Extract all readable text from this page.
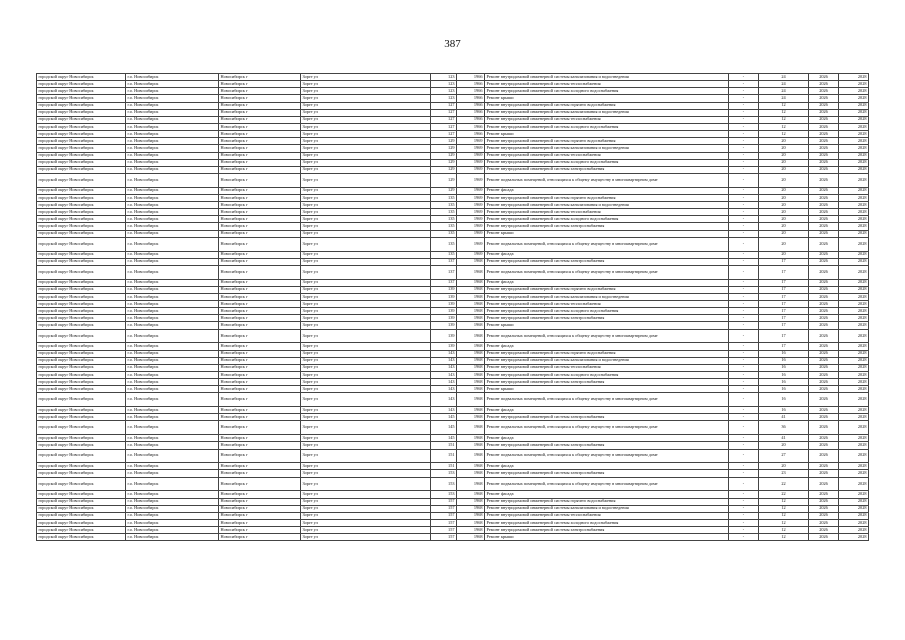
387
городской округ Новосибирск	г.о. Новосибирск	Новосибирск г	Зорге ул	123	1966	Ремонт внутридомовой инженерной системы канализования и водоотведения	-	24	2026	2028
городской округ Новосибирск	г.о. Новосибирск	Новосибирск г	Зорге ул	123	1966	Ремонт внутридомовой инженерной системы теплоснабжения	-	24	2026	2028
городской округ Новосибирск	г.о. Новосибирск	Новосибирск г	Зорге ул	123	1966	Ремонт внутридомовой инженерной системы холодного водоснабжения	-	24	2026	2028
городской округ Новосибирск	г.о. Новосибирск	Новосибирск г	Зорге ул	123	1966	Ремонт крыши	-	24	2026	2028
городской округ Новосибирск	г.о. Новосибирск	Новосибирск г	Зорге ул	127	1966	Ремонт внутридомовой инженерной системы горячего водоснабжения	-	12	2026	2028
городской округ Новосибирск	г.о. Новосибирск	Новосибирск г	Зорге ул	127	1966	Ремонт внутридомовой инженерной системы канализования и водоотведения	-	12	2026	2028
городской округ Новосибирск	г.о. Новосибирск	Новосибирск г	Зорге ул	127	1966	Ремонт внутридомовой инженерной системы теплоснабжения	-	12	2026	2028
городской округ Новосибирск	г.о. Новосибирск	Новосибирск г	Зорге ул	127	1966	Ремонт внутридомовой инженерной системы холодного водоснабжения	-	12	2026	2028
городской округ Новосибирск	г.о. Новосибирск	Новосибирск г	Зорге ул	127	1966	Ремонт крыши	-	12	2026	2028
городской округ Новосибирск	г.о. Новосибирск	Новосибирск г	Зорге ул	129	1969	Ремонт внутридомовой инженерной системы горячего водоснабжения	-	20	2026	2028
городской округ Новосибирск	г.о. Новосибирск	Новосибирск г	Зорге ул	129	1969	Ремонт внутридомовой инженерной системы канализования и водоотведения	-	20	2026	2028
городской округ Новосибирск	г.о. Новосибирск	Новосибирск г	Зорге ул	129	1969	Ремонт внутридомовой инженерной системы теплоснабжения	-	20	2026	2028
городской округ Новосибирск	г.о. Новосибирск	Новосибирск г	Зорге ул	129	1969	Ремонт внутридомовой инженерной системы холодного водоснабжения	-	20	2026	2028
городской округ Новосибирск	г.о. Новосибирск	Новосибирск г	Зорге ул	129	1969	Ремонт внутридомовой инженерной системы электроснабжения	-	20	2026	2028
городской округ Новосибирск	г.о. Новосибирск	Новосибирск г	Зорге ул	129	1969	Ремонт подвальных помещений, относящихся к общему имуществу в многоквартирном доме	-	20	2026	2028
городской округ Новосибирск	г.о. Новосибирск	Новосибирск г	Зорге ул	129	1969	Ремонт фасада	-	20	2026	2028
городской округ Новосибирск	г.о. Новосибирск	Новосибирск г	Зорге ул	135	1969	Ремонт внутридомовой инженерной системы горячего водоснабжения	-	20	2026	2028
городской округ Новосибирск	г.о. Новосибирск	Новосибирск г	Зорге ул	135	1969	Ремонт внутридомовой инженерной системы канализования и водоотведения	-	20	2026	2028
городской округ Новосибирск	г.о. Новосибирск	Новосибирск г	Зорге ул	135	1969	Ремонт внутридомовой инженерной системы теплоснабжения	-	20	2026	2028
городской округ Новосибирск	г.о. Новосибирск	Новосибирск г	Зорге ул	135	1969	Ремонт внутридомовой инженерной системы холодного водоснабжения	-	20	2026	2028
городской округ Новосибирск	г.о. Новосибирск	Новосибирск г	Зорге ул	135	1969	Ремонт внутридомовой инженерной системы электроснабжения	-	20	2026	2028
городской округ Новосибирск	г.о. Новосибирск	Новосибирск г	Зорге ул	135	1969	Ремонт крыши	-	20	2026	2028
городской округ Новосибирск	г.о. Новосибирск	Новосибирск г	Зорге ул	135	1969	Ремонт подвальных помещений, относящихся к общему имуществу в многоквартирном доме	-	20	2026	2028
городской округ Новосибирск	г.о. Новосибирск	Новосибирск г	Зорге ул	135	1969	Ремонт фасада	-	20	2026	2028
городской округ Новосибирск	г.о. Новосибирск	Новосибирск г	Зорге ул	137	1968	Ремонт внутридомовой инженерной системы электроснабжения	-	17	2026	2028
городской округ Новосибирск	г.о. Новосибирск	Новосибирск г	Зорге ул	137	1968	Ремонт подвальных помещений, относящихся к общему имуществу в многоквартирном доме	-	17	2026	2028
городской округ Новосибирск	г.о. Новосибирск	Новосибирск г	Зорге ул	137	1968	Ремонт фасада	-	17	2026	2028
городской округ Новосибирск	г.о. Новосибирск	Новосибирск г	Зорге ул	139	1968	Ремонт внутридомовой инженерной системы горячего водоснабжения	-	17	2026	2028
городской округ Новосибирск	г.о. Новосибирск	Новосибирск г	Зорге ул	139	1968	Ремонт внутридомовой инженерной системы канализования и водоотведения	-	17	2026	2028
городской округ Новосибирск	г.о. Новосибирск	Новосибирск г	Зорге ул	139	1968	Ремонт внутридомовой инженерной системы теплоснабжения	-	17	2026	2028
городской округ Новосибирск	г.о. Новосибирск	Новосибирск г	Зорге ул	139	1968	Ремонт внутридомовой инженерной системы холодного водоснабжения	-	17	2026	2028
городской округ Новосибирск	г.о. Новосибирск	Новосибирск г	Зорге ул	139	1968	Ремонт внутридомовой инженерной системы электроснабжения	-	17	2026	2028
городской округ Новосибирск	г.о. Новосибирск	Новосибирск г	Зорге ул	139	1968	Ремонт крыши	-	17	2026	2028
городской округ Новосибирск	г.о. Новосибирск	Новосибирск г	Зорге ул	139	1968	Ремонт подвальных помещений, относящихся к общему имуществу в многоквартирном доме	-	17	2026	2028
городской округ Новосибирск	г.о. Новосибирск	Новосибирск г	Зорге ул	139	1968	Ремонт фасада	-	17	2026	2028
городской округ Новосибирск	г.о. Новосибирск	Новосибирск г	Зорге ул	143	1968	Ремонт внутридомовой инженерной системы горячего водоснабжения	-	16	2026	2028
городской округ Новосибирск	г.о. Новосибирск	Новосибирск г	Зорге ул	143	1968	Ремонт внутридомовой инженерной системы канализования и водоотведения	-	16	2026	2028
городской округ Новосибирск	г.о. Новосибирск	Новосибирск г	Зорге ул	143	1968	Ремонт внутридомовой инженерной системы теплоснабжения	-	16	2026	2028
городской округ Новосибирск	г.о. Новосибирск	Новосибирск г	Зорге ул	143	1968	Ремонт внутридомовой инженерной системы холодного водоснабжения	-	16	2026	2028
городской округ Новосибирск	г.о. Новосибирск	Новосибирск г	Зорге ул	143	1968	Ремонт внутридомовой инженерной системы электроснабжения	-	16	2026	2028
городской округ Новосибирск	г.о. Новосибирск	Новосибирск г	Зорге ул	143	1968	Ремонт крыши	-	16	2026	2028
городской округ Новосибирск	г.о. Новосибирск	Новосибирск г	Зорге ул	143	1968	Ремонт подвальных помещений, относящихся к общему имуществу в многоквартирном доме	-	16	2026	2028
городской округ Новосибирск	г.о. Новосибирск	Новосибирск г	Зорге ул	143	1968	Ремонт фасада	-	16	2026	2028
городской округ Новосибирск	г.о. Новосибирск	Новосибирск г	Зорге ул	145	1968	Ремонт внутридомовой инженерной системы электроснабжения	-	41	2026	2028
городской округ Новосибирск	г.о. Новосибирск	Новосибирск г	Зорге ул	145	1968	Ремонт подвальных помещений, относящихся к общему имуществу в многоквартирном доме	-	36	2026	2028
городской округ Новосибирск	г.о. Новосибирск	Новосибирск г	Зорге ул	145	1968	Ремонт фасада	-	41	2026	2028
городской округ Новосибирск	г.о. Новосибирск	Новосибирск г	Зорге ул	151	1968	Ремонт внутридомовой инженерной системы электроснабжения	-	20	2026	2028
городской округ Новосибирск	г.о. Новосибирск	Новосибирск г	Зорге ул	151	1968	Ремонт подвальных помещений, относящихся к общему имуществу в многоквартирном доме	-	27	2026	2028
городской округ Новосибирск	г.о. Новосибирск	Новосибирск г	Зорге ул	151	1968	Ремонт фасада	-	20	2026	2028
городской округ Новосибирск	г.о. Новосибирск	Новосибирск г	Зорге ул	153	1968	Ремонт внутридомовой инженерной системы электроснабжения	-	23	2026	2028
городской округ Новосибирск	г.о. Новосибирск	Новосибирск г	Зорге ул	153	1968	Ремонт подвальных помещений, относящихся к общему имуществу в многоквартирном доме	-	22	2026	2028
городской округ Новосибирск	г.о. Новосибирск	Новосибирск г	Зорге ул	153	1968	Ремонт фасада	-	22	2026	2028
городской округ Новосибирск	г.о. Новосибирск	Новосибирск г	Зорге ул	157	1968	Ремонт внутридомовой инженерной системы горячего водоснабжения	-	12	2026	2028
городской округ Новосибирск	г.о. Новосибирск	Новосибирск г	Зорге ул	157	1968	Ремонт внутридомовой инженерной системы канализования и водоотведения	-	12	2026	2028
городской округ Новосибирск	г.о. Новосибирск	Новосибирск г	Зорге ул	157	1968	Ремонт внутридомовой инженерной системы теплоснабжения	-	12	2026	2028
городской округ Новосибирск	г.о. Новосибирск	Новосибирск г	Зорге ул	157	1968	Ремонт внутридомовой инженерной системы холодного водоснабжения	-	12	2026	2028
городской округ Новосибирск	г.о. Новосибирск	Новосибирск г	Зорге ул	157	1968	Ремонт внутридомовой инженерной системы электроснабжения	-	12	2026	2028
городской округ Новосибирск	г.о. Новосибирск	Новосибирск г	Зорге ул	157	1968	Ремонт крыши	-	12	2026	2028
